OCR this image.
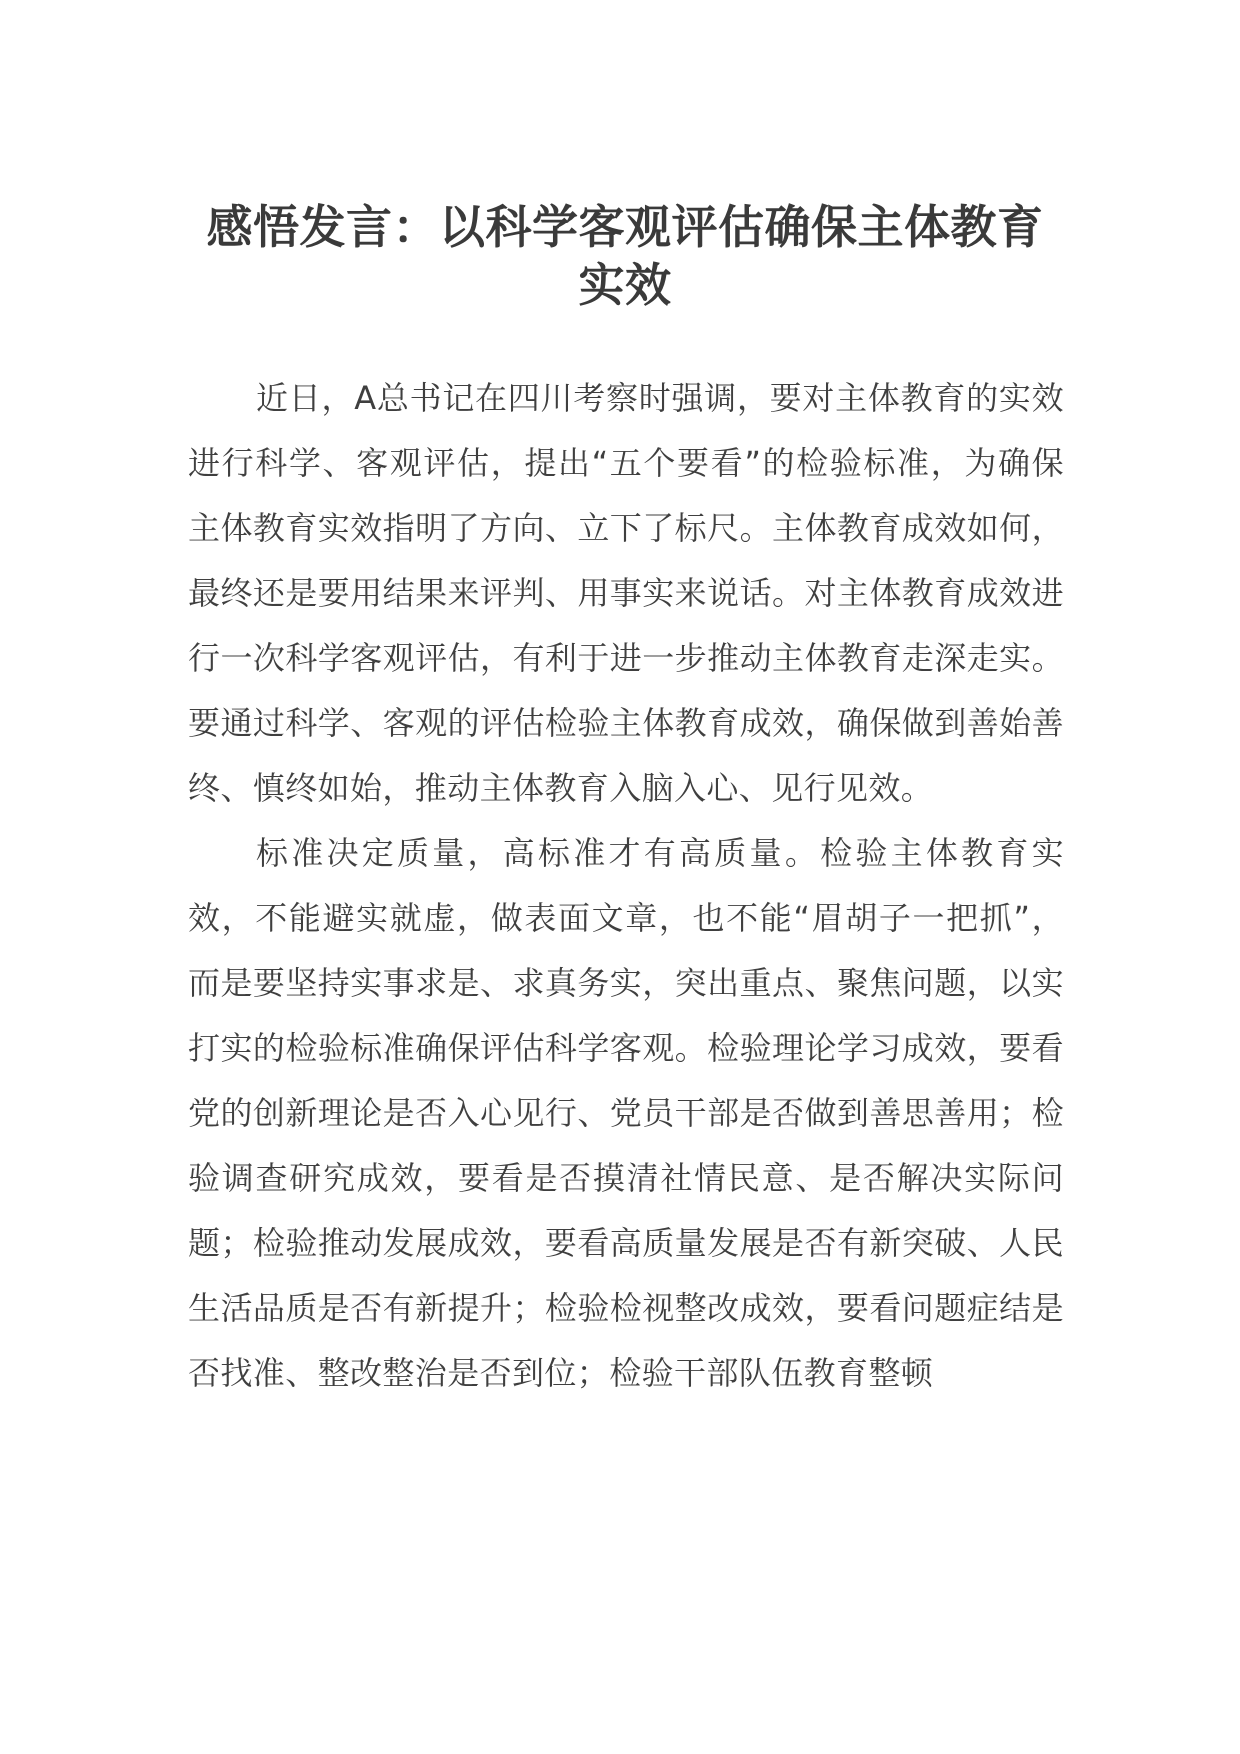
感悟发言：以科学客观评估确保主体教育实效

近日，A总书记在四川考察时强调，要对主体教育的实效进行科学、客观评估，提出“五个要看”的检验标准，为确保主体教育实效指明了方向、立下了标尺。主体教育成效如何，最终还是要用结果来评判、用事实来说话。对主体教育成效进行一次科学客观评估，有利于进一步推动主体教育走深走实。要通过科学、客观的评估检验主体教育成效，确保做到善始善终、慎终如始，推动主体教育入脑入心、见行见效。

标准决定质量，高标准才有高质量。检验主体教育实效，不能避实就虚，做表面文章，也不能“眉胡子一把抓”，而是要坚持实事求是、求真务实，突出重点、聚焦问题，以实打实的检验标准确保评估科学客观。检验理论学习成效，要看党的创新理论是否入心见行、党员干部是否做到善思善用；检验调查研究成效，要看是否摸清社情民意、是否解决实际问题；检验推动发展成效，要看高质量发展是否有新突破、人民生活品质是否有新提升；检验检视整改成效，要看问题症结是否找准、整改整治是否到位；检验干部队伍教育整顿
